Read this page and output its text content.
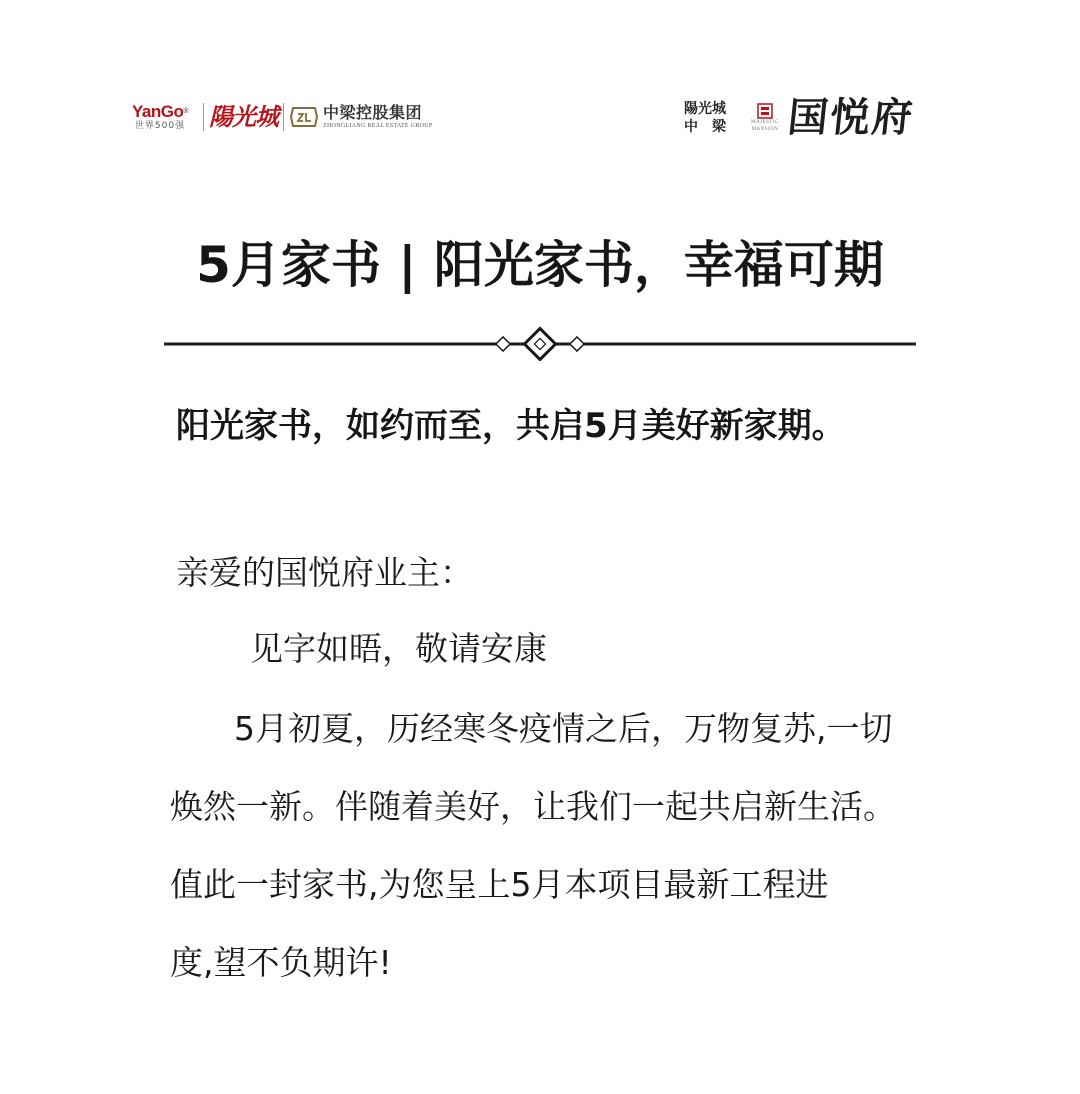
YanGo®
世界500强 陽光城	中梁控股集团
ZHONGLIANG REAL ESTATE GROUP
陽光城
中梁	MAJESTIC MANSION 国悦府
5月家书 | 阳光家书，幸福可期
阳光家书，如约而至，共启5月美好新家期。
亲爱的国悦府业主：
见字如晤，敬请安康
5月初夏，历经寒冬疫情之后，万物复苏,一切
焕然一新。伴随着美好，让我们一起共启新生活。
值此一封家书,为您呈上5月本项目最新工程进
度,望不负期许!
